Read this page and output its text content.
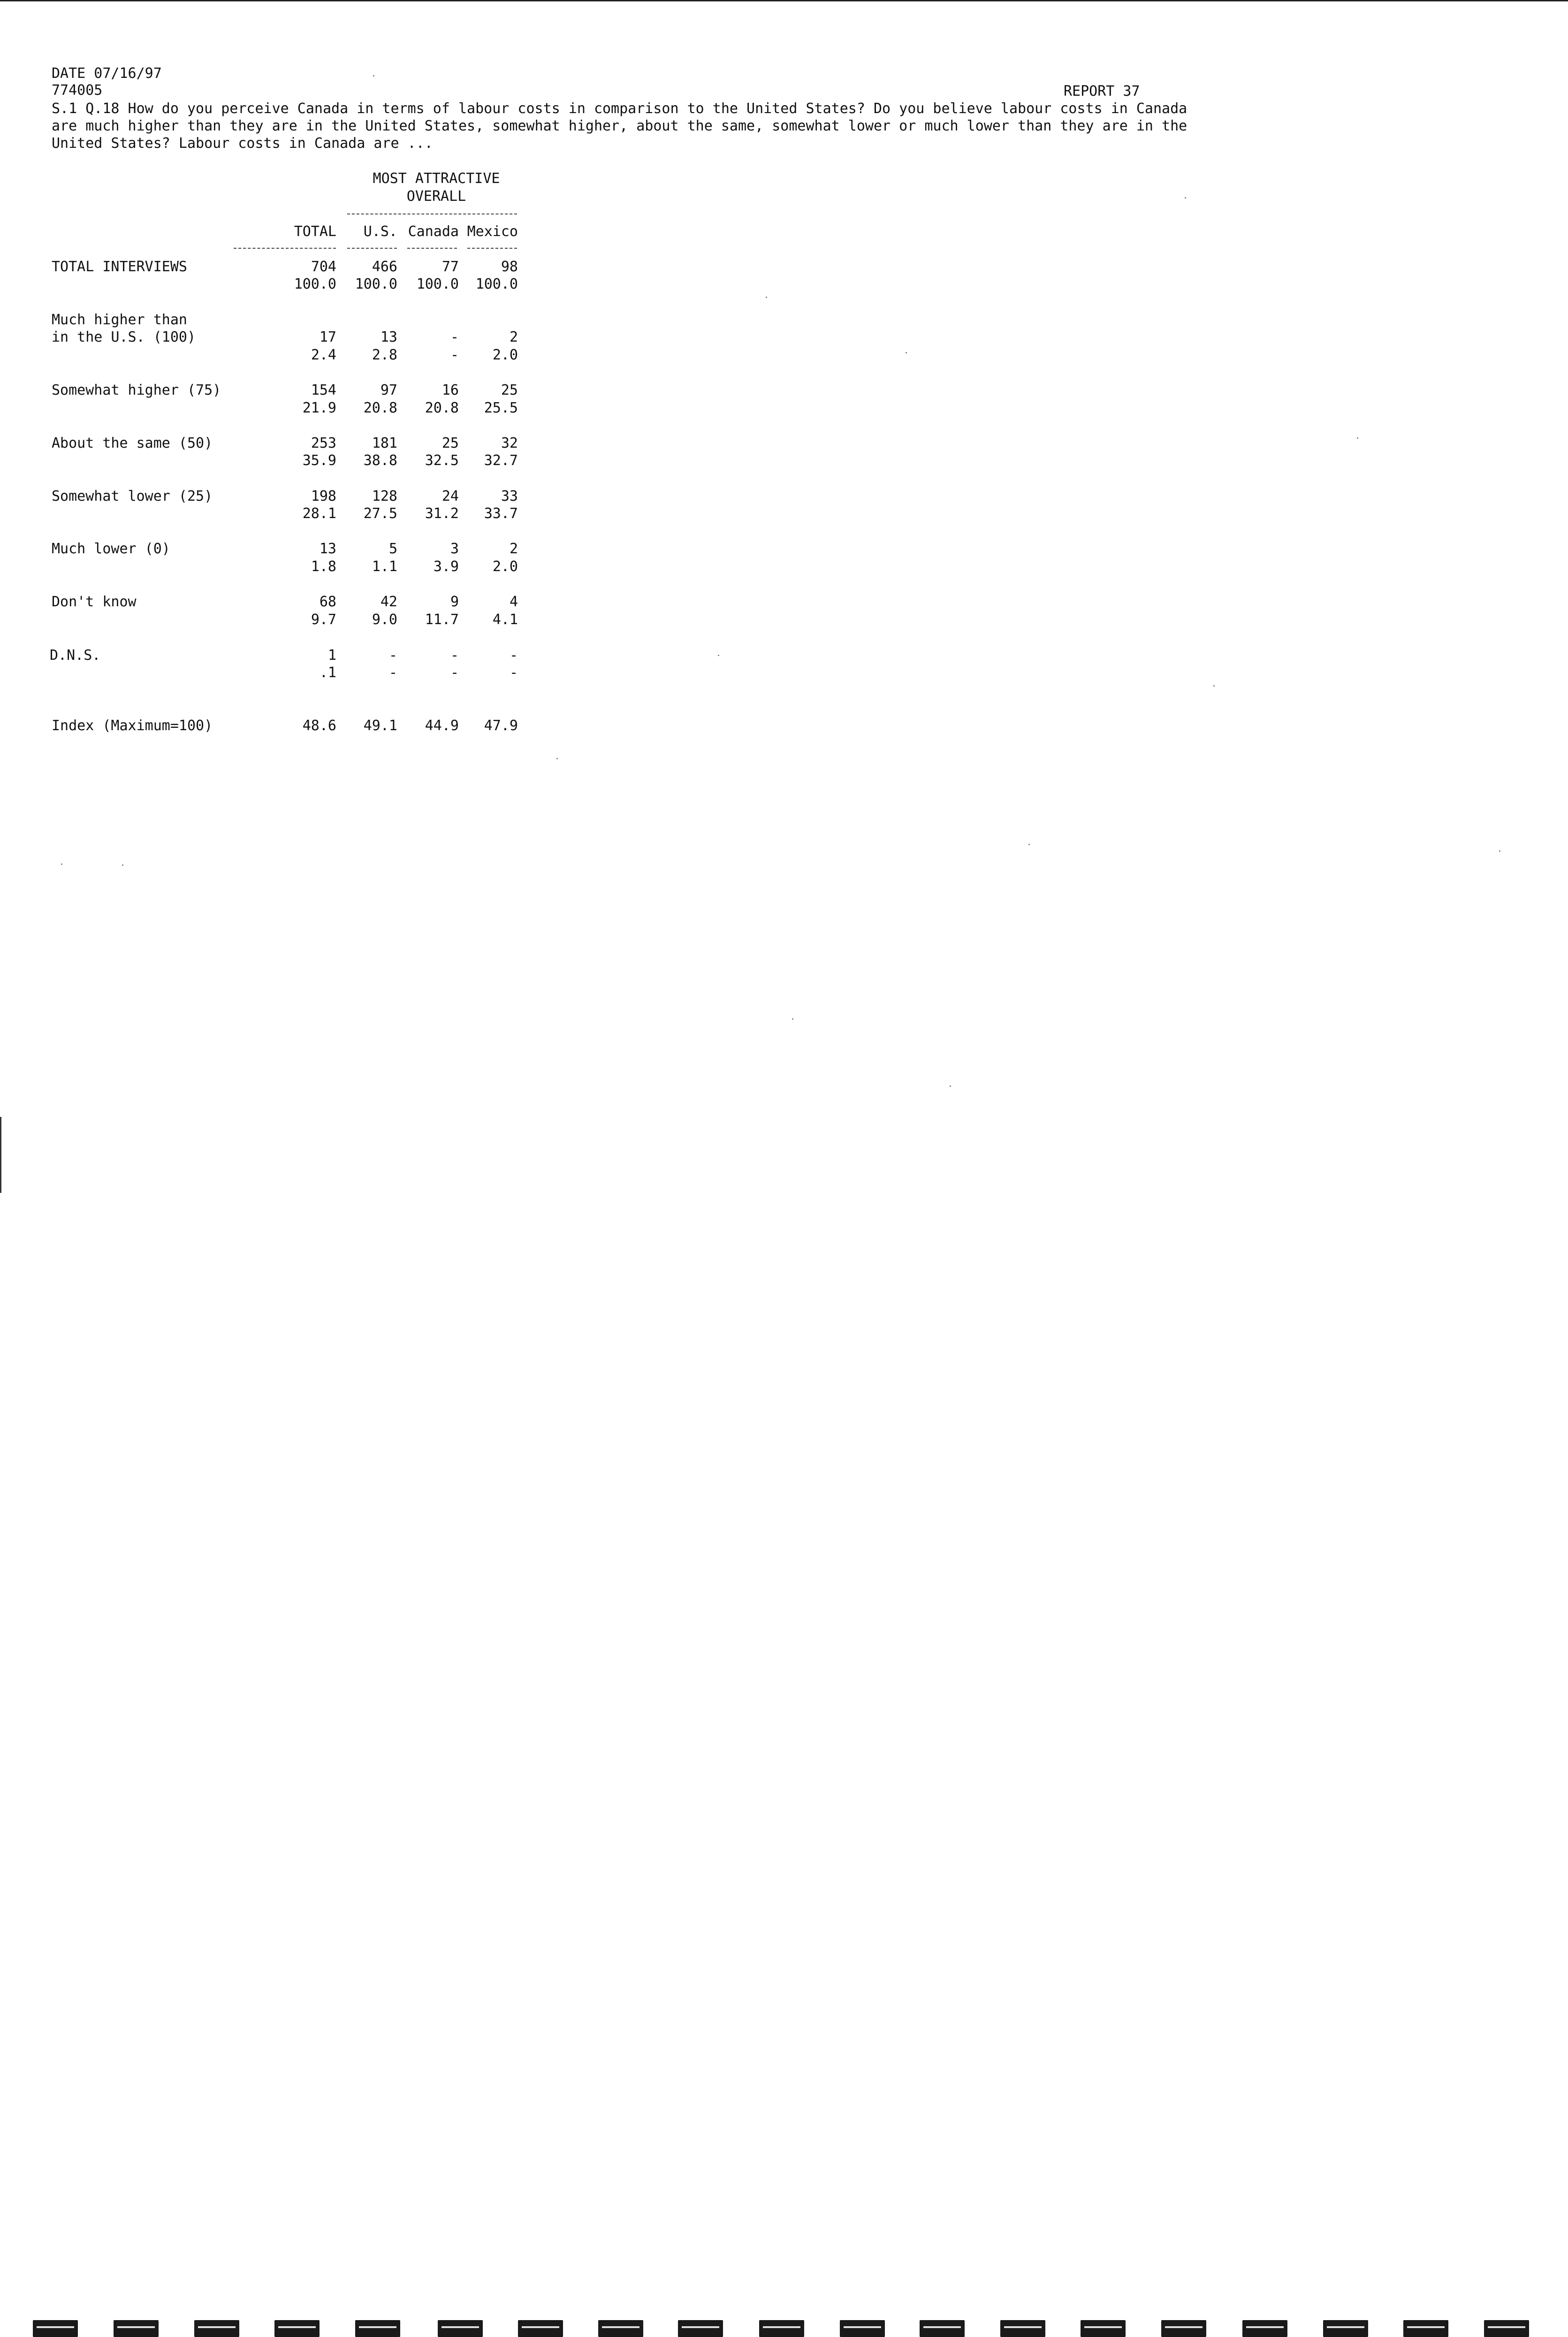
DATE 07/16/97
774005	REPORT 37
S.1 Q.18 How do you perceive Canada in terms of labour costs in comparison to the United States? Do you believe labour costs in Canada are much higher than they are in the United States, somewhat higher, about the same, somewhat lower or much lower than they are in the United States? Labour costs in Canada are ...
MOST ATTRACTIVE
OVERALL
TOTAL	U.S. Canada Mexico
TOTAL INTERVIEWS	704	466	77	98
100.0	100.0	100.0	100.0
Much higher than
in the U.S. (100)	17	13	-	2
2.4	2.8	-	2.0
Somewhat higher (75)	154	97	16	25
21.9	20.8	20.8	25.5
About the same (50)	253	181	25	32
35.9	38.8	32.5	32.7
Somewhat lower (25)	198	128	24	33
28.1	27.5	31.2	33.7
Much lower (0)	13	5	3	2
1.8	1.1	3.9	2.0
Don't know	68	42	9	4
9.7	9.0	11.7	4.1
D.N.S.	1	-	-	-
.1	-	-	-
Index (Maximum=100)	48.6	49.1	44.9	47.9
